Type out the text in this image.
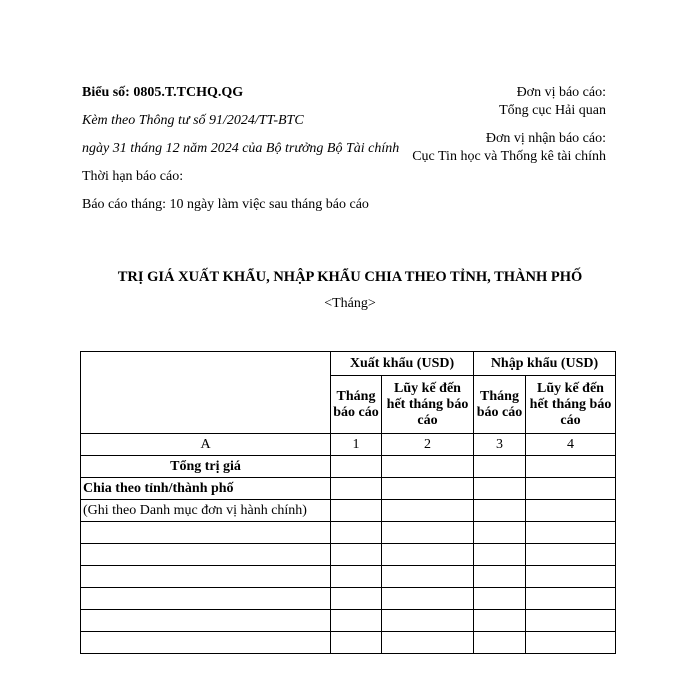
Biểu số: 0805.T.TCHQ.QG
Kèm theo Thông tư số 91/2024/TT-BTC
ngày 31 tháng 12 năm 2024 của Bộ trưởng Bộ Tài chính
Thời hạn báo cáo:
Báo cáo tháng: 10 ngày làm việc sau tháng báo cáo
Đơn vị báo cáo:
Tổng cục Hải quan
Đơn vị nhận báo cáo:
Cục Tin học và Thống kê tài chính
TRỊ GIÁ XUẤT KHẨU, NHẬP KHẨU CHIA THEO TỈNH, THÀNH PHỐ
<Tháng>
	Xuất khẩu (USD)		Nhập khẩu (USD)	
	Tháng báo cáo	Lũy kế đến hết tháng báo cáo	Tháng báo cáo	Lũy kế đến hết tháng báo cáo
A	1	2	3	4
Tổng trị giá				
Chia theo tỉnh/thành phố				
(Ghi theo Danh mục đơn vị hành chính)				
